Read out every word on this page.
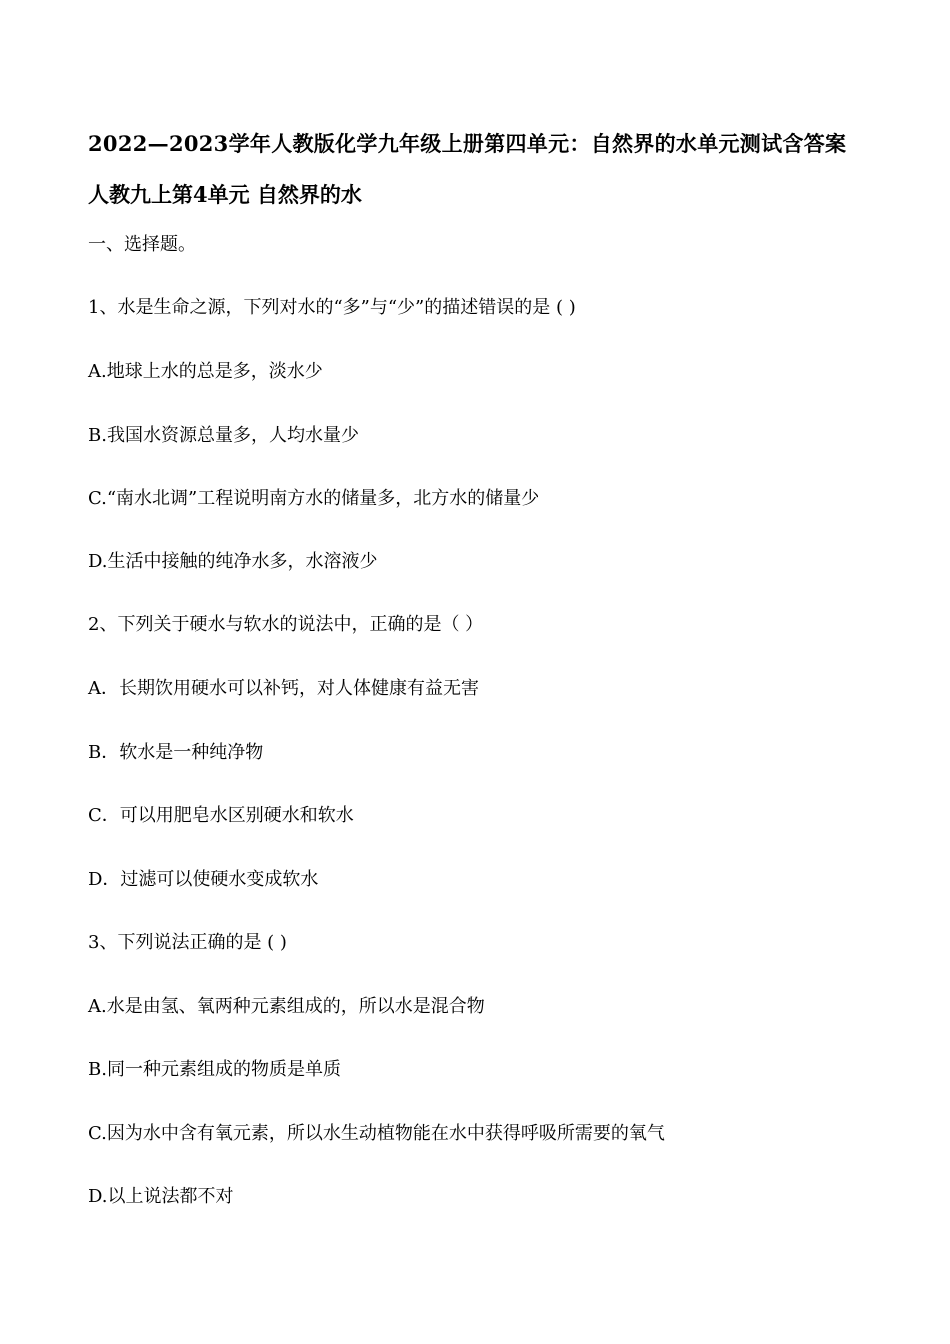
2022—2023学年人教版化学九年级上册第四单元：自然界的水单元测试含答案
人教九上第4单元 自然界的水
一、选择题。
1、水是生命之源，下列对水的“多”与“少”的描述错误的是 ( )
A.地球上水的总是多，淡水少
B.我国水资源总量多，人均水量少
C.“南水北调”工程说明南方水的储量多，北方水的储量少
D.生活中接触的纯净水多，水溶液少
2、下列关于硬水与软水的说法中，正确的是（ ）
A．长期饮用硬水可以补钙，对人体健康有益无害
B．软水是一种纯净物
C．可以用肥皂水区别硬水和软水
D．过滤可以使硬水变成软水
3、下列说法正确的是 ( )
A.水是由氢、氧两种元素组成的，所以水是混合物
B.同一种元素组成的物质是单质
C.因为水中含有氧元素，所以水生动植物能在水中获得呼吸所需要的氧气
D.以上说法都不对
